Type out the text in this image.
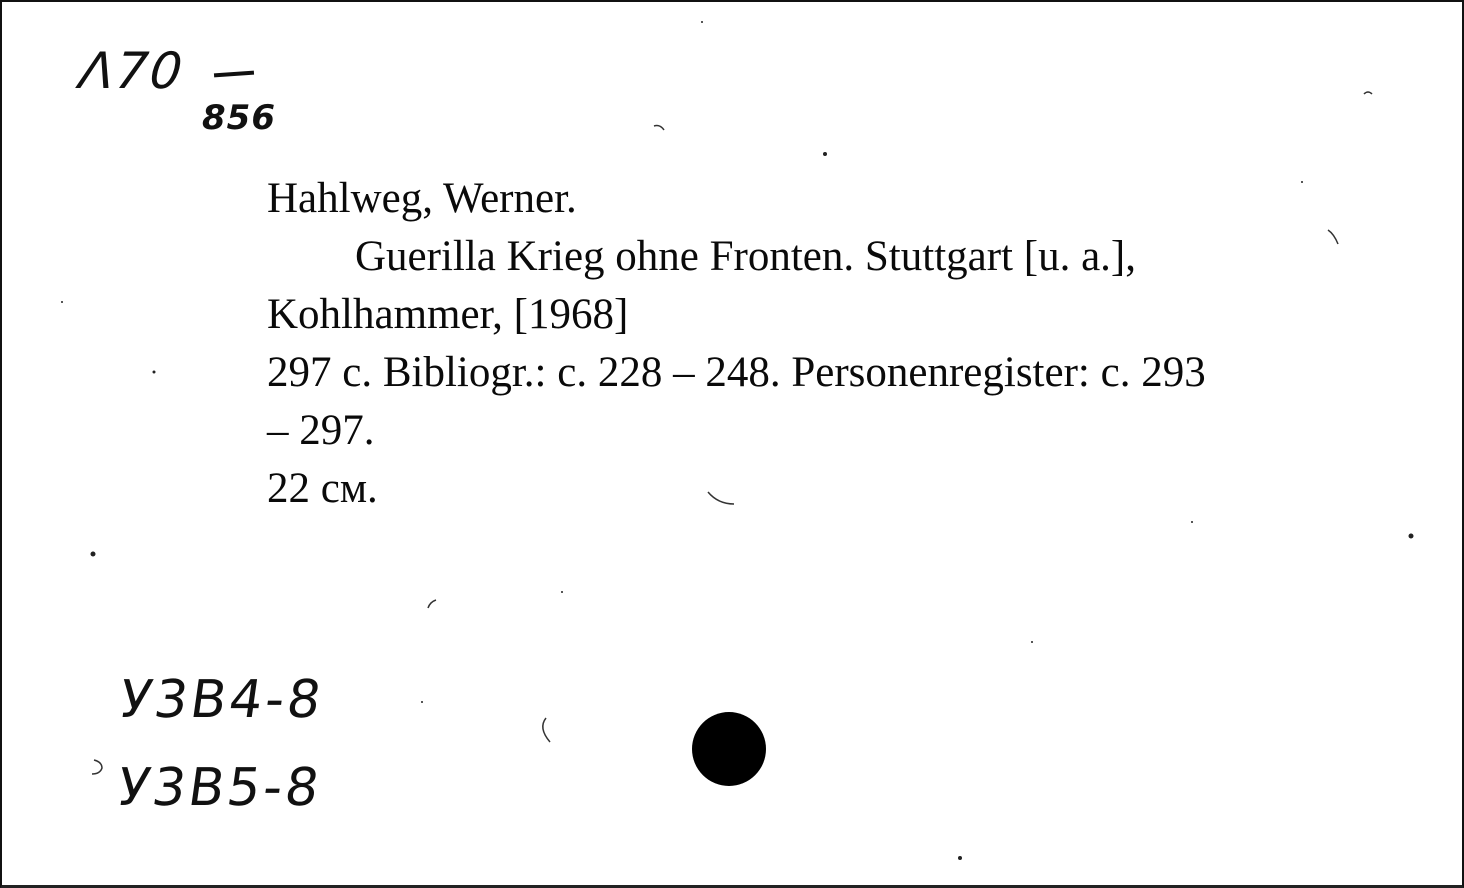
Λ70
856
Hahlweg, Werner.
Guerilla Krieg ohne Fronten. Stuttgart [u. a.],
Kohlhammer, [1968]
297 c. Bibliogr.: c. 228 – 248. Personenregister: c. 293
– 297.
22 см.
У3В4-8
У3В5-8
